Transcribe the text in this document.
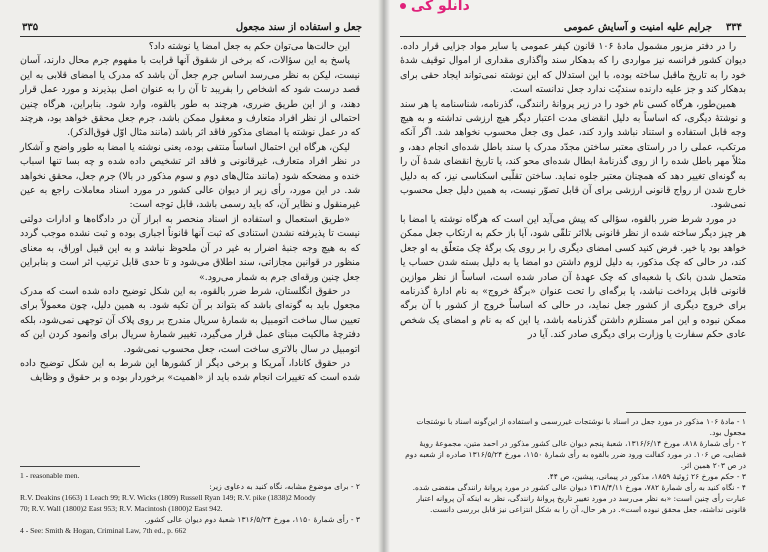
۳۳۵	جعل و استفاده از سند مجعول

این حالت‌ها می‌توان حکم به جعل امضا یا نوشته داد؟

پاسخ به این سؤالات، که برخی از شقوق آنها قرابت با مفهوم جرم محال دارند، آسان نیست، لیکن به نظر می‌رسد اساس جرم جعل آن باشد که مدرک یا امضای قلابی به این قصد درست شود که اشخاص را بفریبد تا آن را به عنوان اصل بپذیرند و مورد عمل قرار دهند، و از این طریق ضرری، هرچند به طور بالقوه، وارد شود. بنابراین، هرگاه چنین احتمالی از نظر افراد متعارف و معقول ممکن باشد، جرم جعل محقق خواهد بود، هرچند که در عمل نوشته یا امضای مذکور فاقد اثر باشد (مانند مثال اوّل فوق‌الذکر).

لیکن، هرگاه این احتمال اساساً منتفی بوده، یعنی نوشته یا امضا به طور واضح و آشکار در نظر افراد متعارف، غیرقانونی و فاقد اثر تشخیص داده شده و چه بسا تنها اسباب خنده و مضحکه شود (مانند مثال‌های دوم و سوم مذکور در بالا) جرم جعل، محقق نخواهد شد. در این مورد، رأی زیر از دیوان عالی کشور در مورد اسناد معاملات راجع به عین غیرمنقول و نظایر آن، که باید رسمی باشد، قابل توجه است:

«طریق استعمال و استفاده از اسناد منحصر به ابراز آن در دادگاه‌ها و ادارات دولتی نیست تا پذیرفته نشدن استنادی که ثبت آنها قانوناً اجباری بوده و ثبت نشده موجب گردد که به هیچ وجه جنبهٔ اضرار به غیر در آن ملحوظ نباشد و به این قبیل اوراق، به معنای منظور در قوانین مجازاتی، سند اطلاق می‌شود و تا حدی قابل ترتیب اثر است و بنابراین جعل چنین ورقه‌ای جرم به شمار می‌رود.»

در حقوق انگلستان، شرط ضرر بالقوه، به این شکل توضیح داده شده است که مدرک مجعول باید به گونه‌ای باشد که بتواند بر آن تکیه شود. به همین دلیل، چون معمولاً برای تعیین سال ساخت اتومبیل به شمارهٔ سریال مندرج بر روی پلاک آن توجهی نمی‌شود، بلکه دفترچهٔ مالکیت مبنای عمل قرار می‌گیرد، تغییر شمارهٔ سریال برای وانمود کردن این که اتومبیل در سال بالاتری ساخت است، جعل محسوب نمی‌شود.

در حقوق کانادا، آمریکا و برخی دیگر از کشورها این شرط به این شکل توضیح داده شده است که تغییرات انجام شده باید از «اهمیت» برخوردار بوده و بر حقوق و وظایف

1 - reasonable men.
۲ - برای موضوع مشابه، نگاه کنید به دعاوی زیر:
R.V. Deakins (1663) 1 Leach 99; R.V. Wicks (1809) Russell Ryan 149; R.V. pike (1838)2 Moody
70; R.V. Wall (1800)2 East 953; R.V. Macintosh (1800)2 East 942.
۳ - رأی شمارهٔ ۱۱۵۰، مورخ ۱۳۱۶/۵/۲۴ شعبهٔ دوم دیوان عالی کشور.
4 - See: Smith & Hogan, Criminal Law, 7th ed., p. 662
دانلو کی
۳۳۴
جرایم علیه امنیت و آسایش عمومی

را در دفتر مزبور مشمول مادهٔ ۱۰۶ قانون کیفر عمومی یا سایر مواد جزایی قرار داده. دیوان کشور فرانسه نیز مواردی را که بدهکار سند واگذاری مقداری از اموال توقیف شدهٔ خود را به تاریخ ماقبل ساخته بوده، با این استدلال که این نوشته نمی‌تواند ایجاد حقی برای بدهکار کند و جز علیه دارنده سندیّت ندارد جعل ندانسته است.

همین‌طور، هرگاه کسی نام خود را در زیر پروانهٔ رانندگی، گذرنامه، شناسنامه یا هر سند و نوشتهٔ دیگری، که اساساً به دلیل انقضای مدت اعتبار دیگر هیچ ارزشی نداشته و به هیچ وجه قابل استفاده و استناد نباشد وارد کند، عمل وی جعل محسوب نخواهد شد. اگر آنکه مرتکب، عملی را در راستای معتبر ساختن مجدّد مدرک یا سند باطل شده‌ای انجام دهد، و مثلاً مهر باطل شده را از روی گذرنامهٔ ابطال شده‌ای محو کند، یا تاریخ انقضای شدهٔ آن را به گونه‌ای تغییر دهد که همچنان معتبر جلوه نماید. ساختن تقلّبی اسکناسی نیز، که به دلیل خارج شدن از رواج قانونی ارزشی برای آن قابل تصوّر نیست، به همین دلیل جعل محسوب نمی‌شود.

در مورد شرط ضرر بالقوه، سؤالی که پیش می‌آید این است که هرگاه نوشته یا امضا با هر چیز دیگر ساخته شده از نظر قانونی بلااثر تلقّی شود، آیا باز حکم به ارتکاب جعل ممکن خواهد بود یا خیر. فرض کنید کسی امضای دیگری را بر روی یک برگهٔ چک متعلّق به او جعل کند، در حالی که چک مذکور، به دلیل لزوم داشتن دو امضا یا به دلیل بسته شدن حساب یا متحمل شدن بانک یا شعبه‌ای که چک عهدهٔ آن صادر شده است، اساساً از نظر موازین قانونی قابل پرداخت نباشد، یا برگه‌ای را تحت عنوان «برگهٔ خروج» به نام ادارهٔ گذرنامه برای خروج دیگری از کشور جعل نماید، در حالی که اساساً خروج از کشور با آن برگه ممکن نبوده و این امر مستلزم داشتن گذرنامه باشد، یا این که به نام و امضای یک شخص عادی حکم سفارت یا وزارت برای دیگری صادر کند. آیا در

۱ - مادهٔ ۱۰۶ مذکور در مورد جعل در اسناد با نوشتجات غیررسمی و استفاده از این‌گونه اسناد با نوشتجات مجعول بود.
۲ - رأی شمارهٔ ۸۱۸، مورخ ۱۳۱۶/۶/۱۴، شعبهٔ پنجم دیوان عالی کشور مذکور در احمد متین، مجموعهٔ رویهٔ قضایی، ص ۱۰۶. در مورد کفالت ورود ضرر بالقوه به رأی شمارهٔ ۱۱۵۰، مورخ ۱۳۱۶/۵/۲۴ صادره از شعبه دوم در ص ۲۰۳ همین اثر.
۳ - حکم مورخ ۲۶ ژوئیهٔ ۱۸۵۹، مذکور در پیمانی، پیشین، ص ۴۴.
۴ - نگاه کنید به رأی شمارهٔ ۷۸۲، مورخ ۱۳۱۸/۴/۱۱ دیوان عالی کشور در مورد پروانهٔ رانندگی منقضی شده. عبارت رأی چنین است: «به نظر می‌رسد در مورد تغییر تاریخ پروانهٔ رانندگی، نظر به اینکه آن پروانه اعتبار قانونی نداشته، جعل محقق نبوده است». در هر حال، آن را به شکل انتزاعی نیز قابل بررسی دانست.
